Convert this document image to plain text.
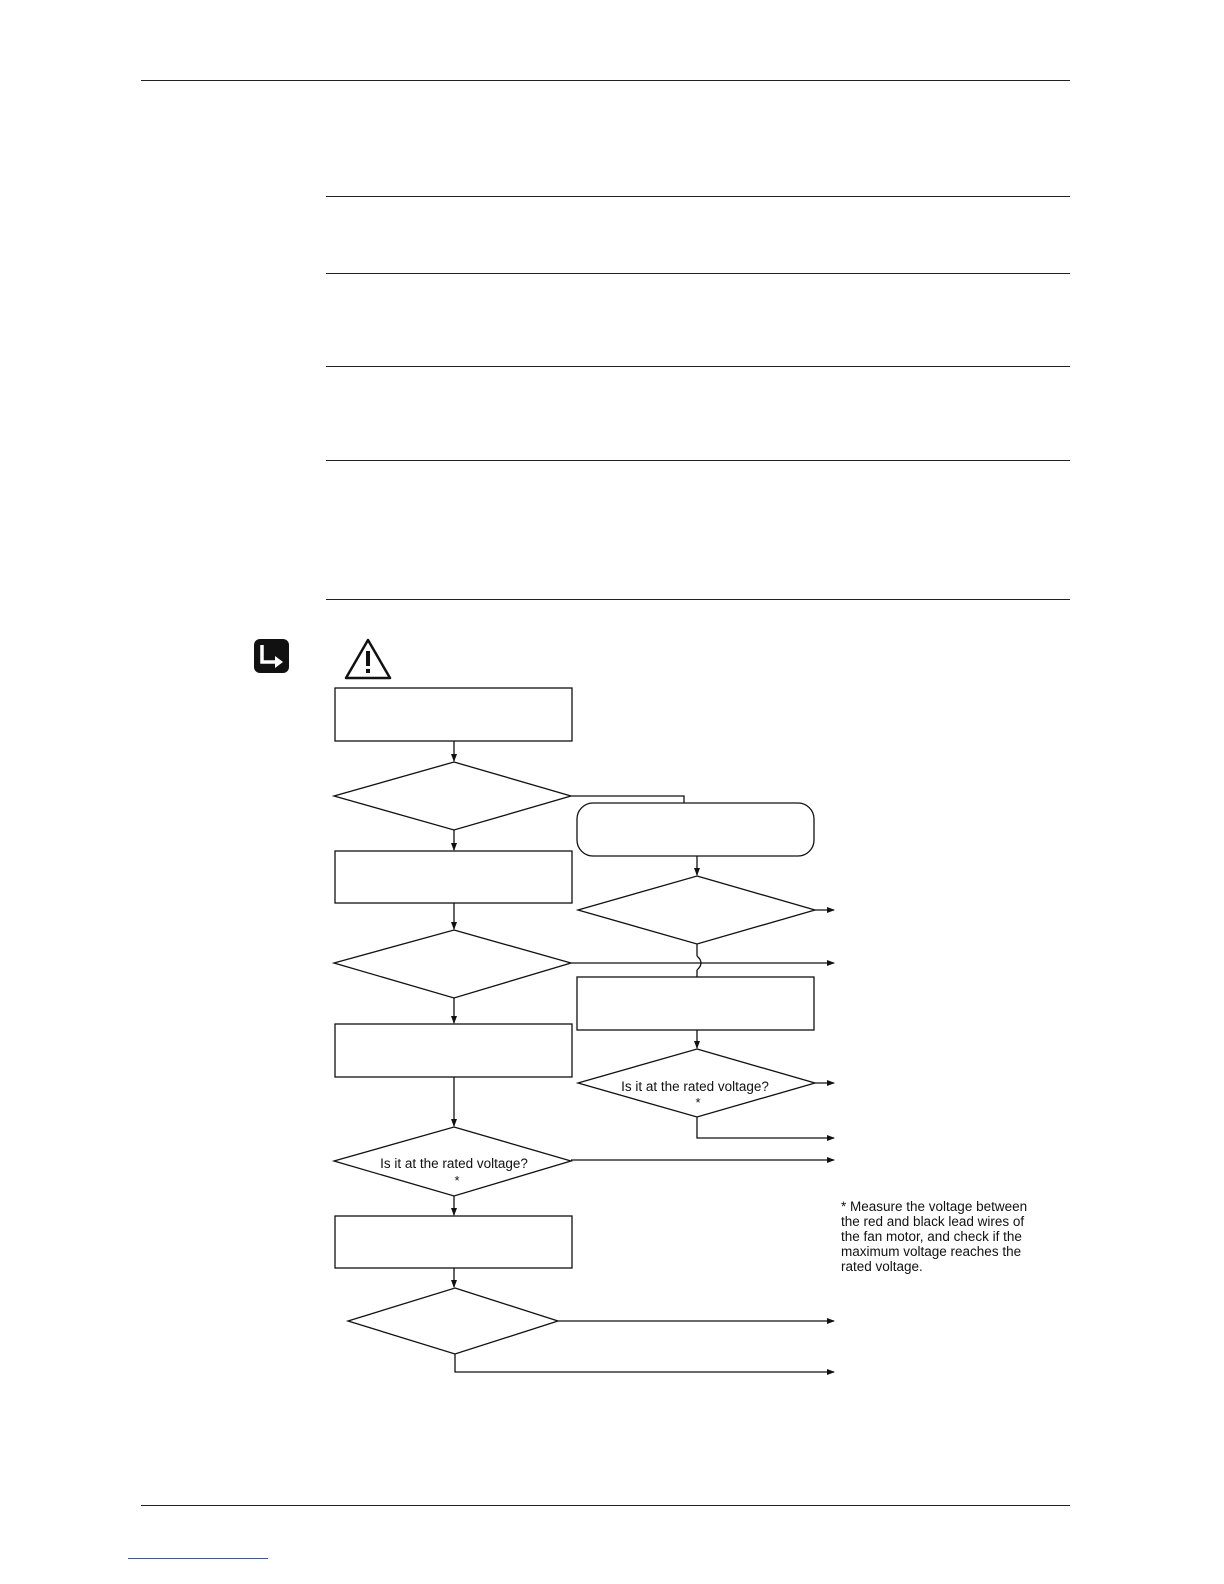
Is it at the rated voltage?
*
Is it at the rated voltage?
*
* Measure the voltage between
the red and black lead wires of
the fan motor, and check if the
maximum voltage reaches the
rated voltage.
